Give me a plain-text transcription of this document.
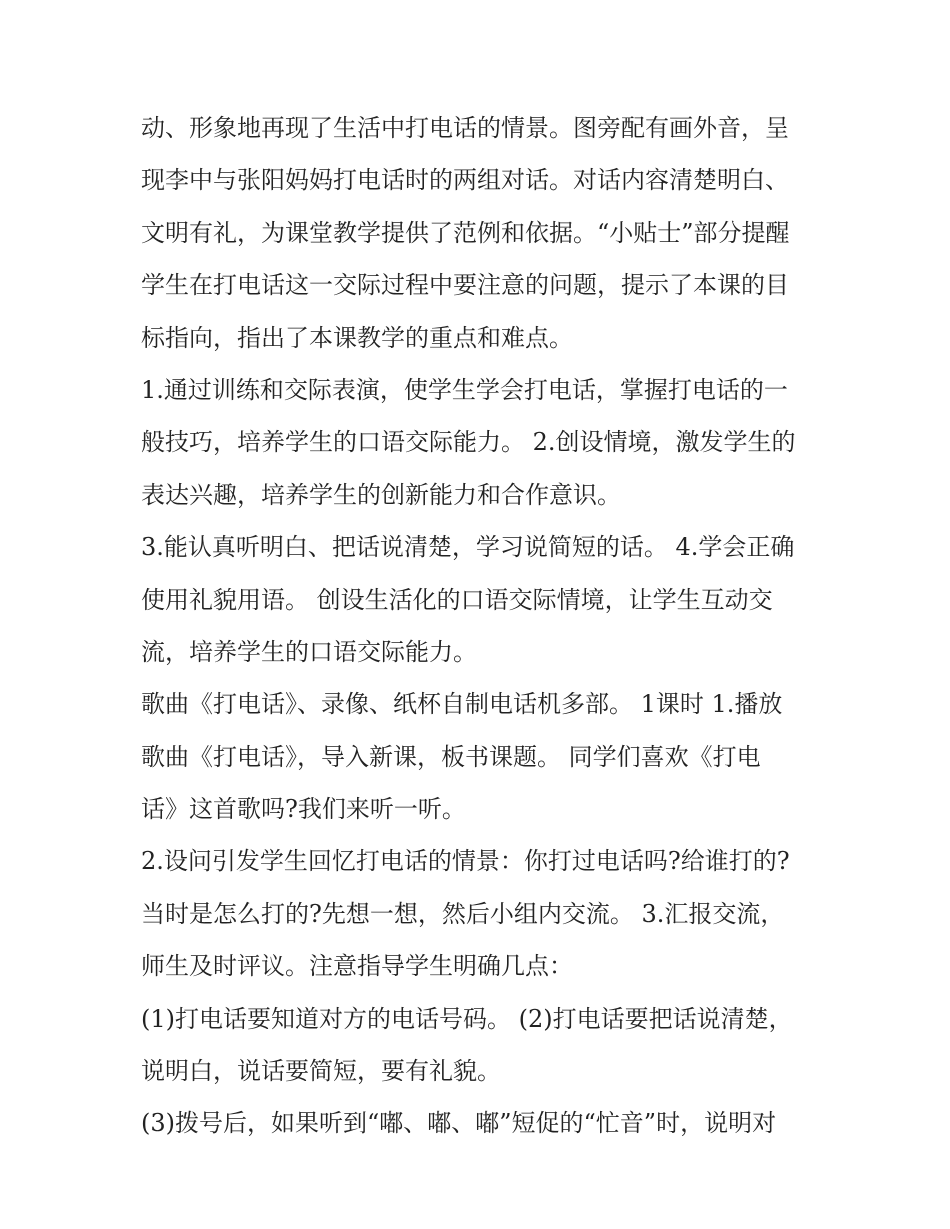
动、形象地再现了生活中打电话的情景。图旁配有画外音，呈
现李中与张阳妈妈打电话时的两组对话。对话内容清楚明白、
文明有礼，为课堂教学提供了范例和依据。“小贴士”部分提醒
学生在打电话这一交际过程中要注意的问题，提示了本课的目
标指向，指出了本课教学的重点和难点。
1.通过训练和交际表演，使学生学会打电话，掌握打电话的一
般技巧，培养学生的口语交际能力。 2.创设情境，激发学生的
表达兴趣，培养学生的创新能力和合作意识。
3.能认真听明白、把话说清楚，学习说简短的话。 4.学会正确
使用礼貌用语。 创设生活化的口语交际情境，让学生互动交
流，培养学生的口语交际能力。
歌曲《打电话》、录像、纸杯自制电话机多部。 1课时 1.播放
歌曲《打电话》，导入新课，板书课题。 同学们喜欢《打电
话》这首歌吗?我们来听一听。
2.设问引发学生回忆打电话的情景：你打过电话吗?给谁打的?
当时是怎么打的?先想一想，然后小组内交流。 3.汇报交流，
师生及时评议。注意指导学生明确几点：
(1)打电话要知道对方的电话号码。 (2)打电话要把话说清楚，
说明白，说话要简短，要有礼貌。
(3)拨号后，如果听到“嘟、嘟、嘟”短促的“忙音”时，说明对
